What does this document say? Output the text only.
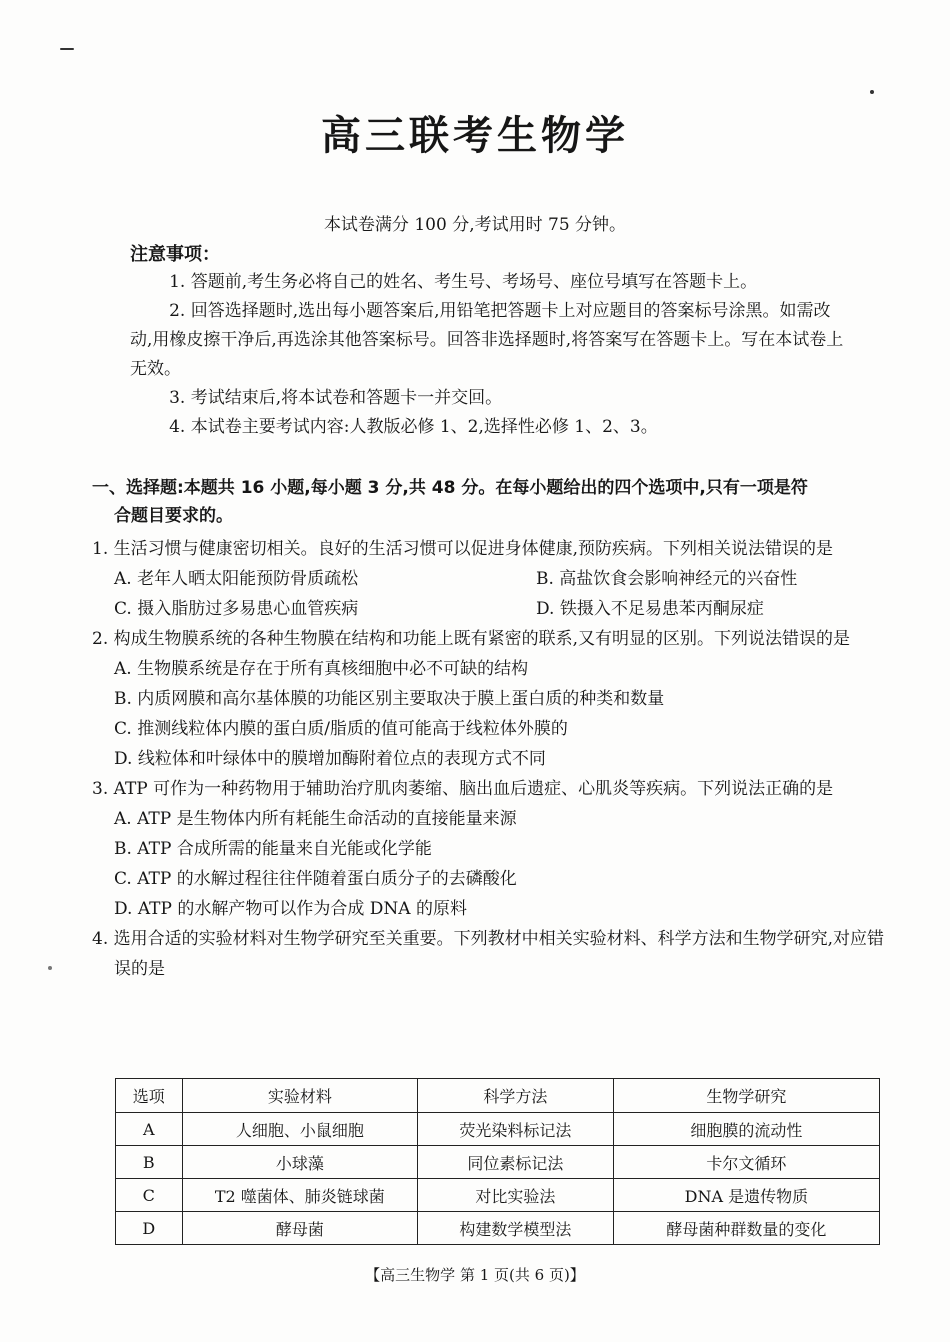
高三联考生物学
本试卷满分 100 分,考试用时 75 分钟。
注意事项：

1. 答题前,考生务必将自己的姓名、考生号、考场号、座位号填写在答题卡上。

2. 回答选择题时,选出每小题答案后,用铅笔把答题卡上对应题目的答案标号涂黑。如需改动,用橡皮擦干净后,再选涂其他答案标号。回答非选择题时,将答案写在答题卡上。写在本试卷上无效。

3. 考试结束后,将本试卷和答题卡一并交回。

4. 本试卷主要考试内容:人教版必修 1、2,选择性必修 1、2、3。

一、选择题:本题共 16 小题,每小题 3 分,共 48 分。在每小题给出的四个选项中,只有一项是符
合题目要求的。
1. 生活习惯与健康密切相关。良好的生活习惯可以促进身体健康,预防疾病。下列相关说法错误的是
A. 老年人晒太阳能预防骨质疏松	B. 高盐饮食会影响神经元的兴奋性
C. 摄入脂肪过多易患心血管疾病	D. 铁摄入不足易患苯丙酮尿症
2. 构成生物膜系统的各种生物膜在结构和功能上既有紧密的联系,又有明显的区别。下列说法错误的是
A. 生物膜系统是存在于所有真核细胞中必不可缺的结构
B. 内质网膜和高尔基体膜的功能区别主要取决于膜上蛋白质的种类和数量
C. 推测线粒体内膜的蛋白质/脂质的值可能高于线粒体外膜的
D. 线粒体和叶绿体中的膜增加酶附着位点的表现方式不同
3. ATP 可作为一种药物用于辅助治疗肌肉萎缩、脑出血后遗症、心肌炎等疾病。下列说法正确的是
A. ATP 是生物体内所有耗能生命活动的直接能量来源
B. ATP 合成所需的能量来自光能或化学能
C. ATP 的水解过程往往伴随着蛋白质分子的去磷酸化
D. ATP 的水解产物可以作为合成 DNA 的原料
4. 选用合适的实验材料对生物学研究至关重要。下列教材中相关实验材料、科学方法和生物学研究,对应错误的是
选项	实验材料	科学方法	生物学研究
A	人细胞、小鼠细胞	荧光染料标记法	细胞膜的流动性
B	小球藻	同位素标记法	卡尔文循环
C	T2 噬菌体、肺炎链球菌	对比实验法	DNA 是遗传物质
D	酵母菌	构建数学模型法	酵母菌种群数量的变化
【高三生物学 第 1 页(共 6 页)】
